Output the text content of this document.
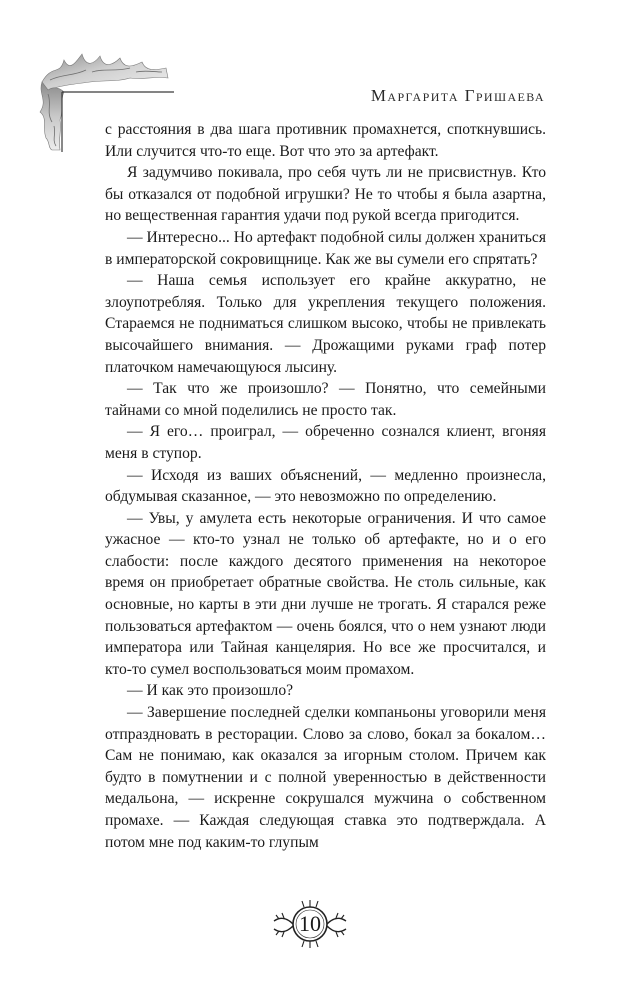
Маргарита Гришаева

с расстояния в два шага противник промахнется, споткнувшись. Или случится что-то еще. Вот что это за артефакт.

Я задумчиво покивала, про себя чуть ли не присвистнув. Кто бы отказался от подобной игрушки? Не то чтобы я была азартна, но вещественная гарантия удачи под рукой всегда пригодится.

— Интересно... Но артефакт подобной силы должен храниться в императорской сокровищнице. Как же вы сумели его спрятать?

— Наша семья использует его крайне аккуратно, не злоупотребляя. Только для укрепления текущего положения. Стараемся не подниматься слишком высоко, чтобы не привлекать высочайшего внимания. — Дрожащими руками граф потер платочком намечающуюся лысину.

— Так что же произошло? — Понятно, что семейными тайнами со мной поделились не просто так.

— Я его… проиграл, — обреченно сознался клиент, вгоняя меня в ступор.

— Исходя из ваших объяснений, — медленно произнесла, обдумывая сказанное, — это невозможно по определению.

— Увы, у амулета есть некоторые ограничения. И что самое ужасное — кто-то узнал не только об артефакте, но и о его слабости: после каждого десятого применения на некоторое время он приобретает обратные свойства. Не столь сильные, как основные, но карты в эти дни лучше не трогать. Я старался реже пользоваться артефактом — очень боялся, что о нем узнают люди императора или Тайная канцелярия. Но все же просчитался, и кто-то сумел воспользоваться моим промахом.

— И как это произошло?

— Завершение последней сделки компаньоны уговорили меня отпраздновать в ресторации. Слово за слово, бокал за бокалом… Сам не понимаю, как оказался за игорным столом. Причем как будто в помутнении и с полной уверенностью в действенности медальона, — искренне сокрушался мужчина о собственном промахе. — Каждая следующая ставка это подтверждала. А потом мне под каким-то глупым

10
